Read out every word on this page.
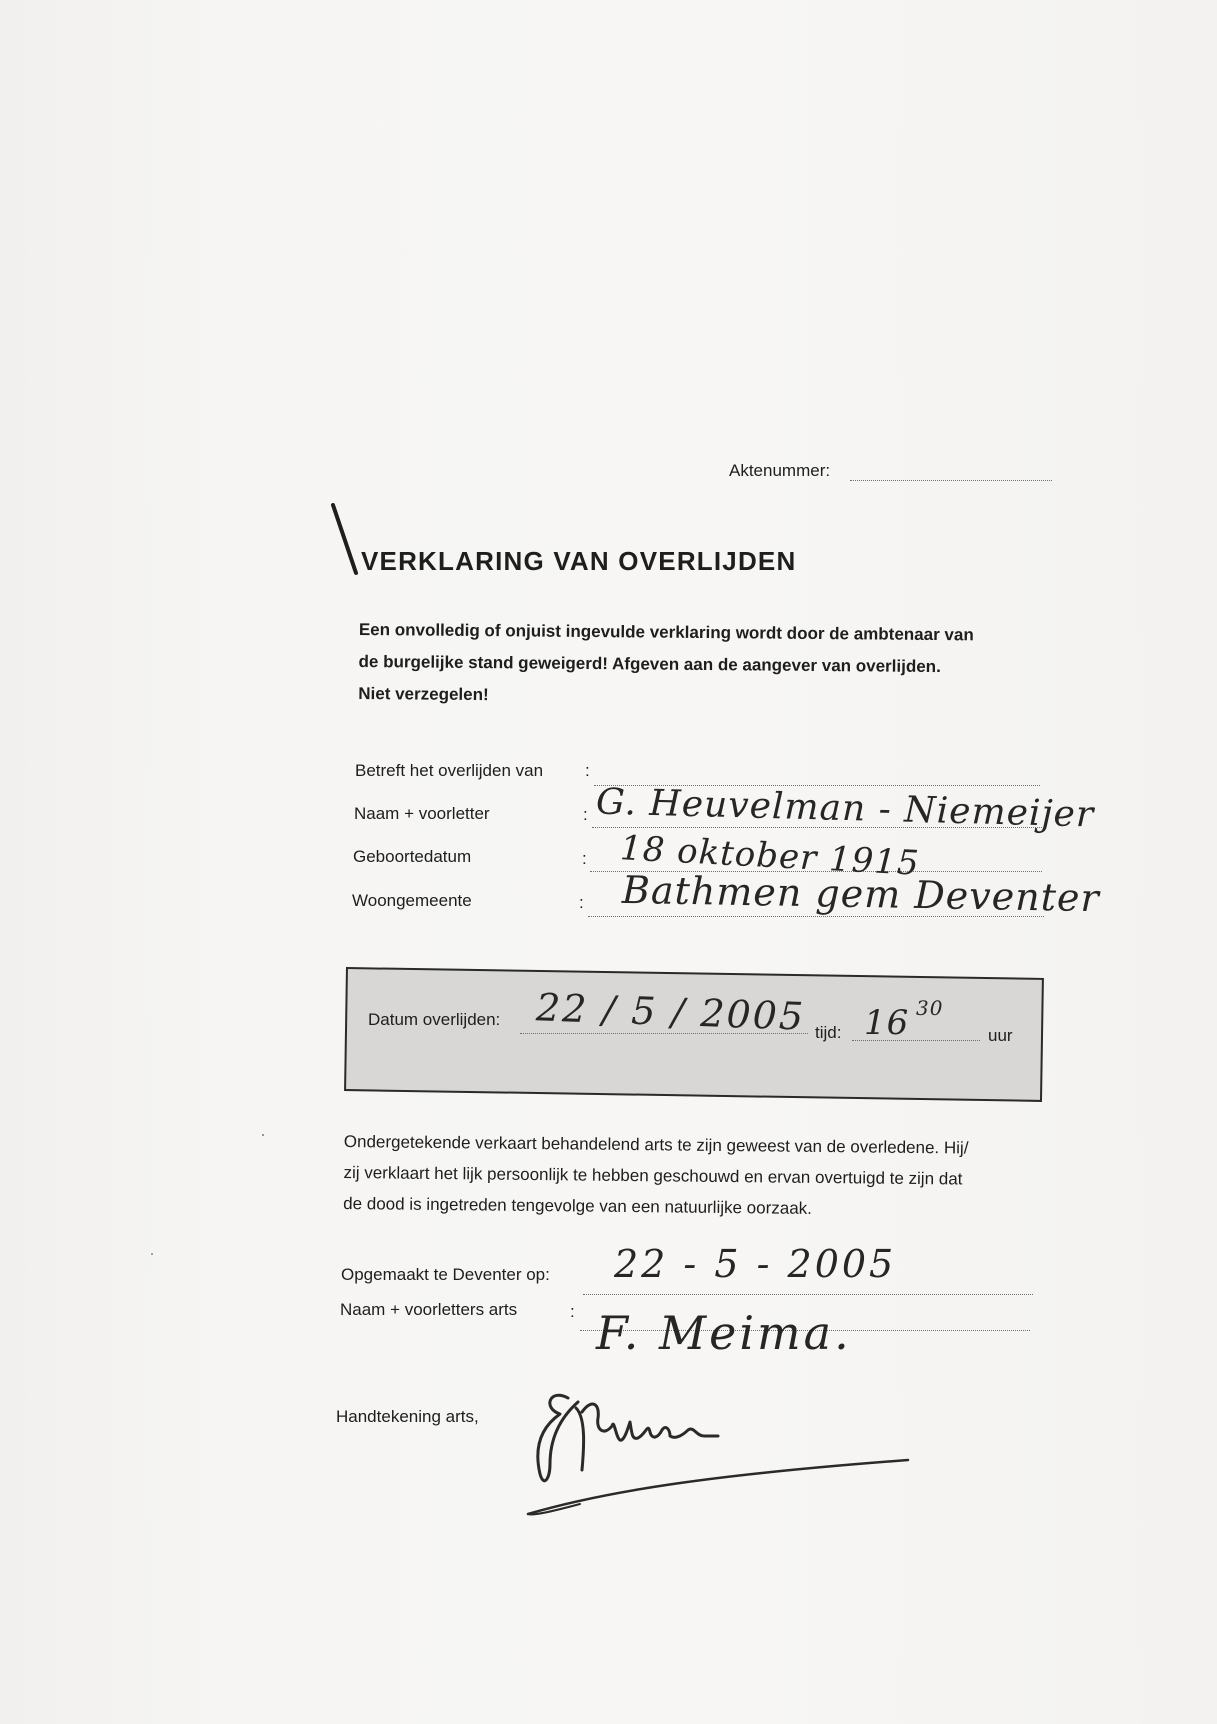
Aktenummer:
VERKLARING VAN OVERLIJDEN
Een onvolledig of onjuist ingevulde verklaring wordt door de ambtenaar van
de burgelijke stand geweigerd! Afgeven aan de aangever van overlijden.
Niet verzegelen!
Betreft het overlijden van :
Naam + voorletter	: G. Heuvelman - Niemeijer
Geboortedatum	: 18 oktober 1915
Woongemeente	: Bathmen gem Deventer
Datum overlijden: 22 / 5 / 2005 tijd: 16 30
uur
Ondergetekende verkaart behandelend arts te zijn geweest van de overledene. Hij/
zij verklaart het lijk persoonlijk te hebben geschouwd en ervan overtuigd te zijn dat
de dood is ingetreden tengevolge van een natuurlijke oorzaak.
Opgemaakt te Deventer op: 22 - 5 - 2005
Naam + voorletters arts	: F. Meima.
Handtekening arts,
